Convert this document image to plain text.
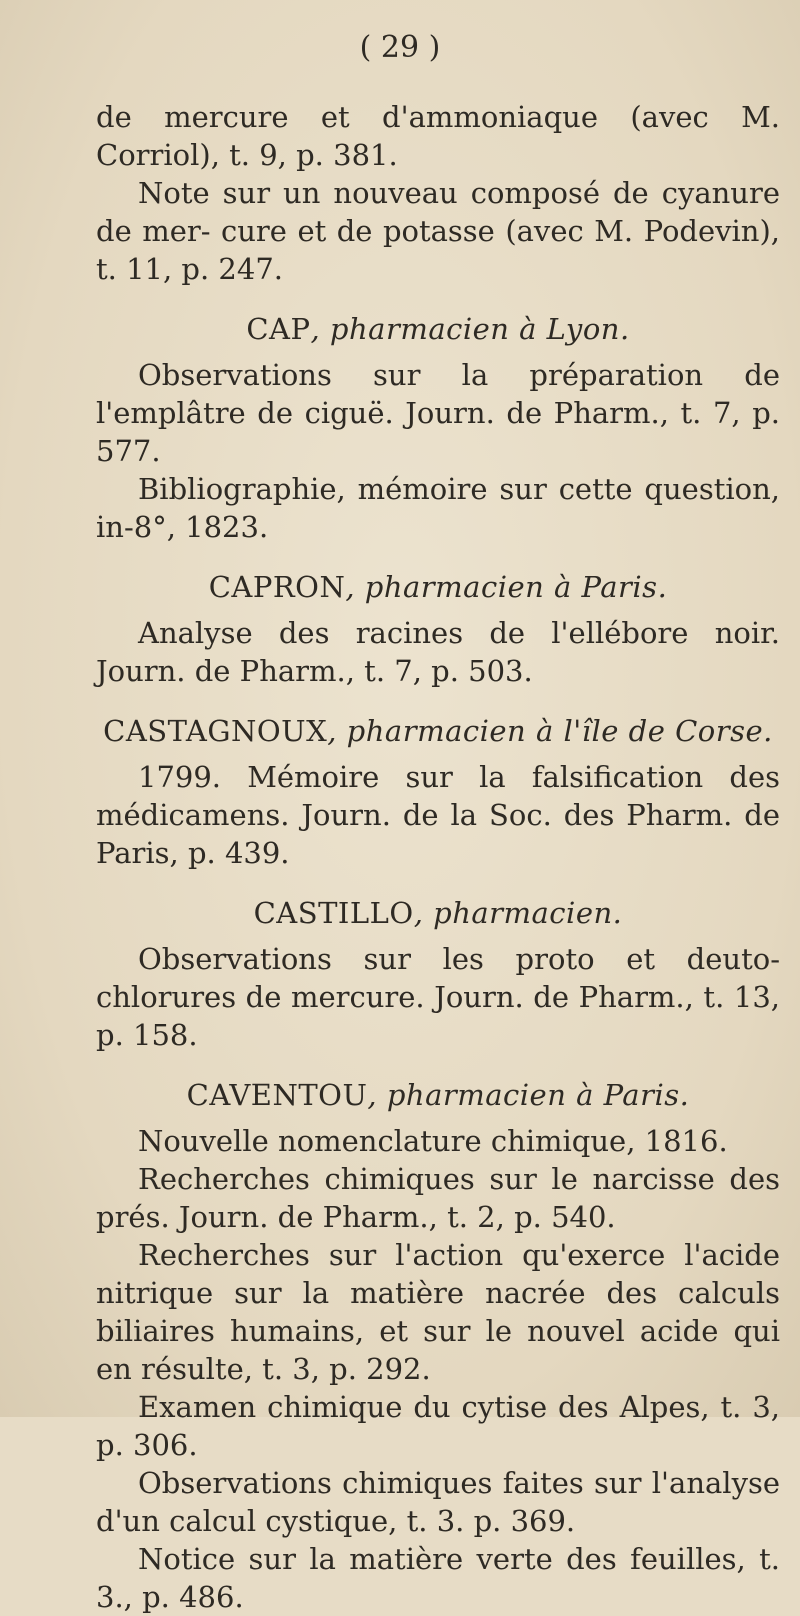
( 29 )

de mercure et d'ammoniaque (avec M. Corriol), t. 9, p. 381.

Note sur un nouveau composé de cyanure de mer- cure et de potasse (avec M. Podevin), t. 11, p. 247.

CAP, pharmacien à Lyon.

Observations sur la préparation de l'emplâtre de ciguë. Journ. de Pharm., t. 7, p. 577.

Bibliographie, mémoire sur cette question, in-8°, 1823.

CAPRON, pharmacien à Paris.

Analyse des racines de l'ellébore noir. Journ. de Pharm., t. 7, p. 503.

CASTAGNOUX, pharmacien à l'île de Corse.

1799. Mémoire sur la falsification des médicamens. Journ. de la Soc. des Pharm. de Paris, p. 439.

CASTILLO, pharmacien.

Observations sur les proto et deuto-chlorures de mercure. Journ. de Pharm., t. 13, p. 158.

CAVENTOU, pharmacien à Paris.

Nouvelle nomenclature chimique, 1816.

Recherches chimiques sur le narcisse des prés. Journ. de Pharm., t. 2, p. 540.

Recherches sur l'action qu'exerce l'acide nitrique sur la matière nacrée des calculs biliaires humains, et sur le nouvel acide qui en résulte, t. 3, p. 292.

Examen chimique du cytise des Alpes, t. 3, p. 306.

Observations chimiques faites sur l'analyse d'un calcul cystique, t. 3. p. 369.

Notice sur la matière verte des feuilles, t. 3., p. 486.
